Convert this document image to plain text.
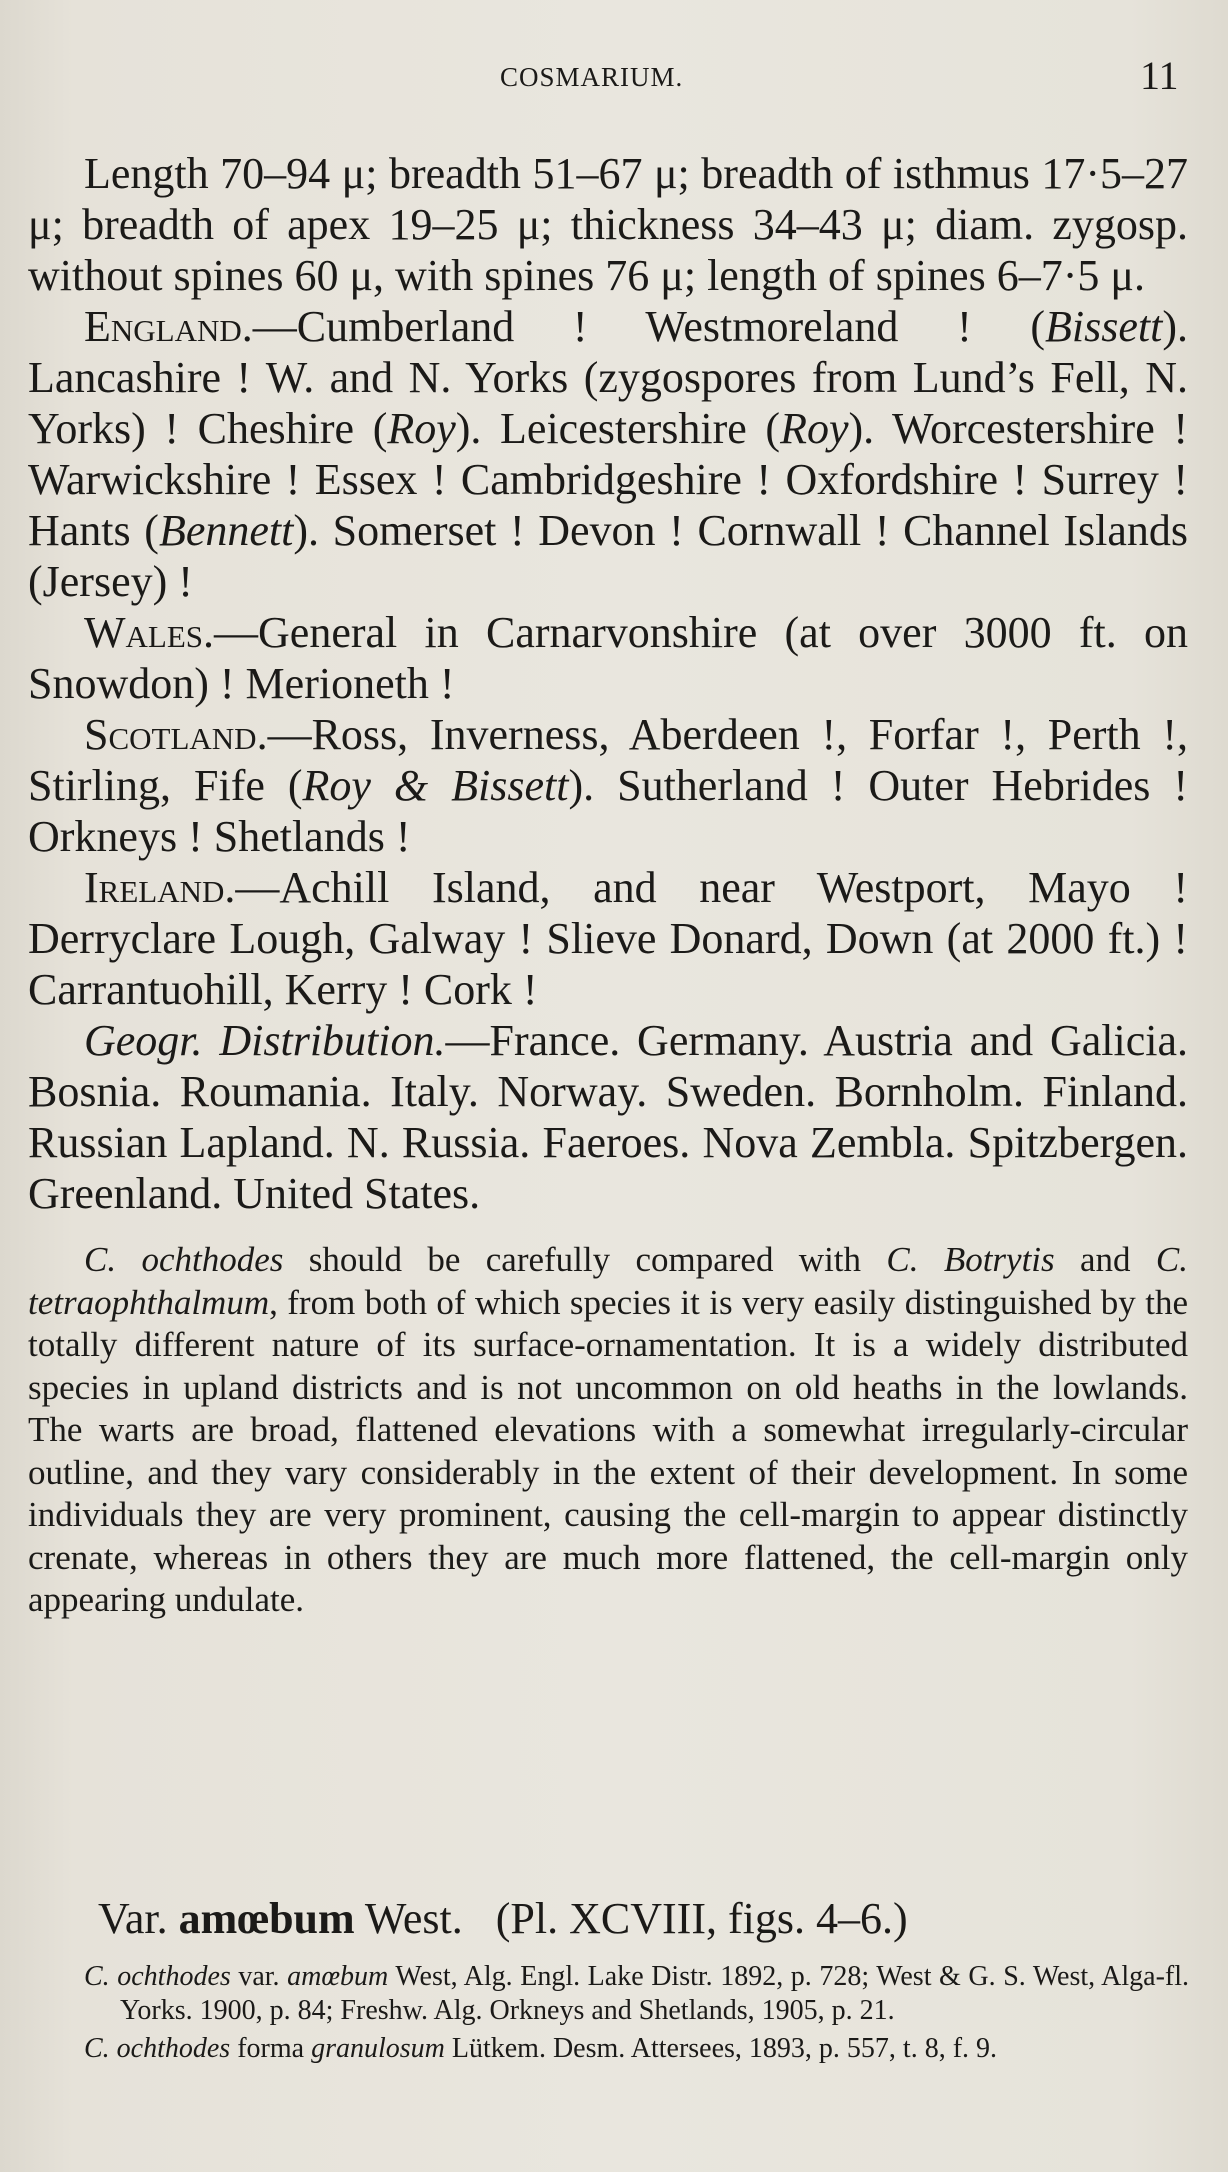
COSMARIUM.	11

Length 70–94 μ; breadth 51–67 μ; breadth of isthmus 17·5–27 μ; breadth of apex 19–25 μ; thickness 34–43 μ; diam. zygosp. without spines 60 μ, with spines 76 μ; length of spines 6–7·5 μ.

England.—Cumberland ! Westmoreland ! (Bissett). Lancashire ! W. and N. Yorks (zygospores from Lund’s Fell, N. Yorks) ! Cheshire (Roy). Leicestershire (Roy). Worcestershire ! Warwickshire ! Essex ! Cambridgeshire ! Oxfordshire ! Surrey ! Hants (Bennett). Somerset ! Devon ! Cornwall ! Channel Islands (Jersey) !

Wales.—General in Carnarvonshire (at over 3000 ft. on Snowdon) ! Merioneth !

Scotland.—Ross, Inverness, Aberdeen !, Forfar !, Perth !, Stirling, Fife (Roy & Bissett). Sutherland ! Outer Hebrides ! Orkneys ! Shetlands !

Ireland.—Achill Island, and near Westport, Mayo ! Derryclare Lough, Galway ! Slieve Donard, Down (at 2000 ft.) ! Carrantuohill, Kerry ! Cork !

Geogr. Distribution.—France. Germany. Austria and Galicia. Bosnia. Roumania. Italy. Norway. Sweden. Bornholm. Finland. Russian Lapland. N. Russia. Faeroes. Nova Zembla. Spitzbergen. Greenland. United States.

C. ochthodes should be carefully compared with C. Botrytis and C. tetraophthalmum, from both of which species it is very easily distinguished by the totally different nature of its surface-ornamentation. It is a widely distributed species in upland districts and is not uncommon on old heaths in the lowlands. The warts are broad, flattened elevations with a somewhat irregularly-circular outline, and they vary considerably in the extent of their development. In some individuals they are very prominent, causing the cell-margin to appear distinctly crenate, whereas in others they are much more flattened, the cell-margin only appearing undulate.

Var. amœbum West. (Pl. XCVIII, figs. 4–6.)

C. ochthodes var. amœbum West, Alg. Engl. Lake Distr. 1892, p. 728; West & G. S. West, Alga-fl. Yorks. 1900, p. 84; Freshw. Alg. Orkneys and Shetlands, 1905, p. 21.

C. ochthodes forma granulosum Lütkem. Desm. Attersees, 1893, p. 557, t. 8, f. 9.
